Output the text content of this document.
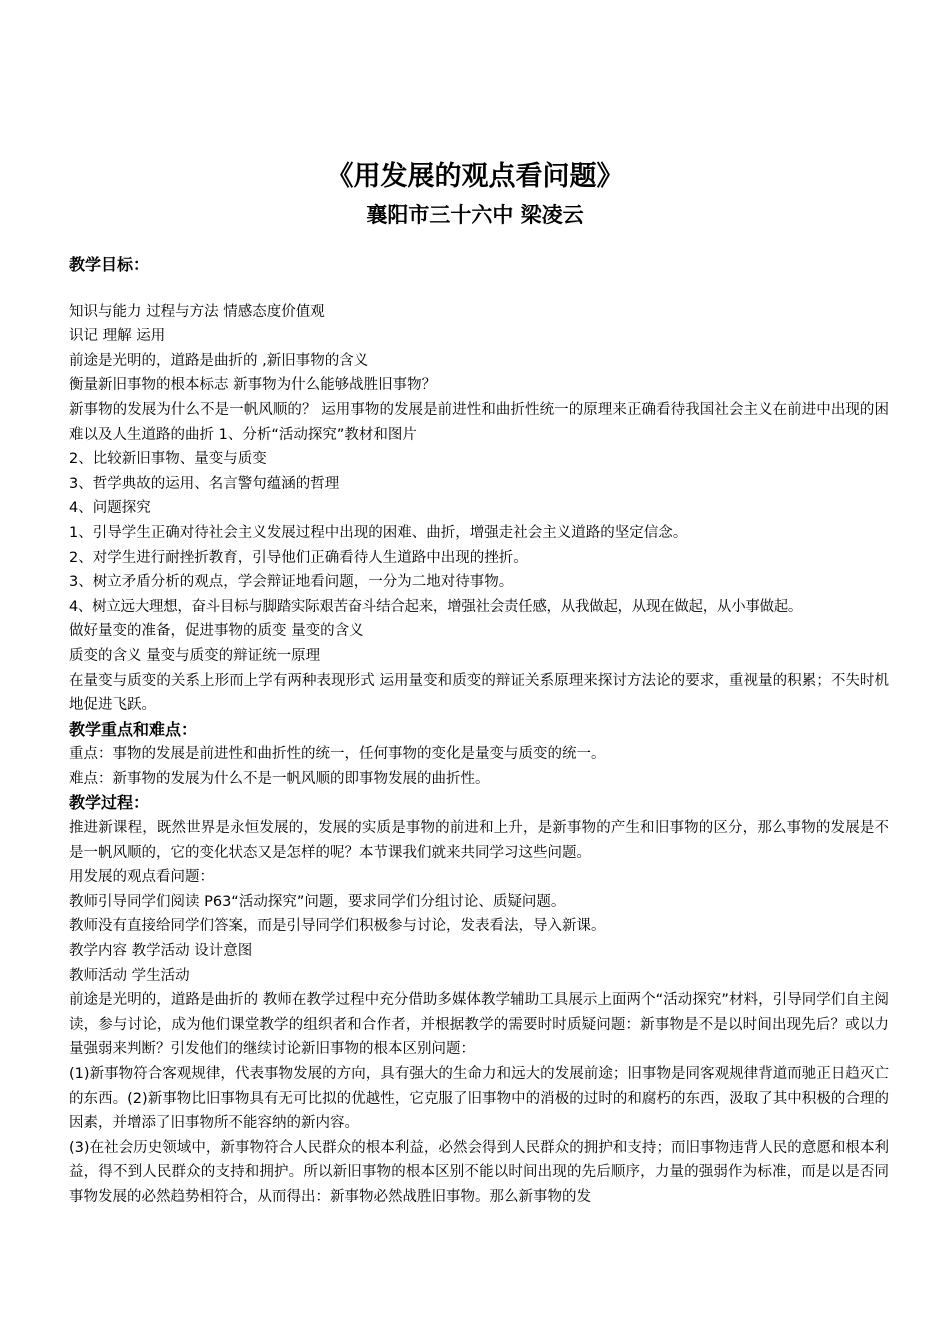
《用发展的观点看问题》
襄阳市三十六中 梁凌云

教学目标：

知识与能力 过程与方法 情感态度价值观

识记 理解 运用

前途是光明的，道路是曲折的 ,新旧事物的含义

衡量新旧事物的根本标志 新事物为什么能够战胜旧事物？

新事物的发展为什么不是一帆风顺的？ 运用事物的发展是前进性和曲折性统一的原理来正确看待我国社会主义在前进中出现的困难以及人生道路的曲折 1、分析“活动探究”教材和图片

2、比较新旧事物、量变与质变

3、哲学典故的运用、名言警句蕴涵的哲理

4、问题探究

1、引导学生正确对待社会主义发展过程中出现的困难、曲折，增强走社会主义道路的坚定信念。

2、对学生进行耐挫折教育，引导他们正确看待人生道路中出现的挫折。

3、树立矛盾分析的观点，学会辩证地看问题，一分为二地对待事物。

4、树立远大理想，奋斗目标与脚踏实际艰苦奋斗结合起来，增强社会责任感，从我做起，从现在做起，从小事做起。

做好量变的准备，促进事物的质变 量变的含义

质变的含义 量变与质变的辩证统一原理

在量变与质变的关系上形而上学有两种表现形式 运用量变和质变的辩证关系原理来探讨方法论的要求，重视量的积累；不失时机地促进飞跃。

教学重点和难点：

重点：事物的发展是前进性和曲折性的统一，任何事物的变化是量变与质变的统一。

难点：新事物的发展为什么不是一帆风顺的即事物发展的曲折性。

教学过程：

推进新课程，既然世界是永恒发展的，发展的实质是事物的前进和上升，是新事物的产生和旧事物的区分，那么事物的发展是不是一帆风顺的，它的变化状态又是怎样的呢？本节课我们就来共同学习这些问题。

用发展的观点看问题：

教师引导同学们阅读 P63“活动探究”问题，要求同学们分组讨论、质疑问题。

教师没有直接给同学们答案，而是引导同学们积极参与讨论，发表看法，导入新课。

教学内容 教学活动 设计意图

教师活动 学生活动

前途是光明的，道路是曲折的 教师在教学过程中充分借助多媒体教学辅助工具展示上面两个“活动探究”材料，引导同学们自主阅读，参与讨论，成为他们课堂教学的组织者和合作者，并根据教学的需要时时质疑问题：新事物是不是以时间出现先后？或以力量强弱来判断？引发他们的继续讨论新旧事物的根本区别问题：

(1)新事物符合客观规律，代表事物发展的方向，具有强大的生命力和远大的发展前途；旧事物是同客观规律背道而驰正日趋灭亡的东西。(2)新事物比旧事物具有无可比拟的优越性，它克服了旧事物中的消极的过时的和腐朽的东西，汲取了其中积极的合理的因素，并增添了旧事物所不能容纳的新内容。

(3)在社会历史领域中，新事物符合人民群众的根本利益，必然会得到人民群众的拥护和支持；而旧事物违背人民的意愿和根本利益，得不到人民群众的支持和拥护。所以新旧事物的根本区别不能以时间出现的先后顺序，力量的强弱作为标准，而是以是否同事物发展的必然趋势相符合，从而得出：新事物必然战胜旧事物。那么新事物的发
